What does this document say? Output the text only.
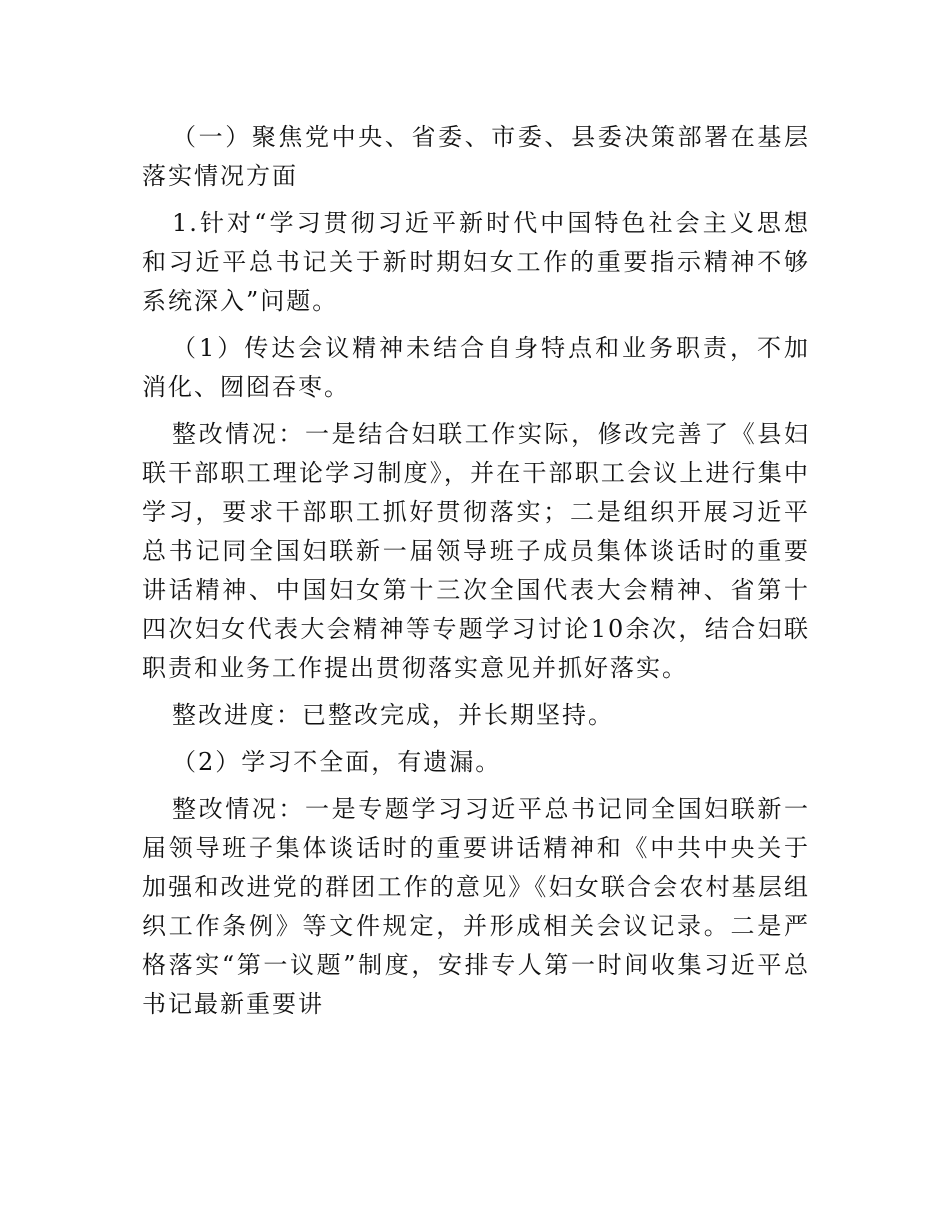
（一）聚焦党中央、省委、市委、县委决策部署在基层落实情况方面

1.针对“学习贯彻习近平新时代中国特色社会主义思想和习近平总书记关于新时期妇女工作的重要指示精神不够系统深入”问题。

（1）传达会议精神未结合自身特点和业务职责，不加消化、囫囵吞枣。

整改情况：一是结合妇联工作实际，修改完善了《县妇联干部职工理论学习制度》，并在干部职工会议上进行集中学习，要求干部职工抓好贯彻落实；二是组织开展习近平总书记同全国妇联新一届领导班子成员集体谈话时的重要讲话精神、中国妇女第十三次全国代表大会精神、省第十四次妇女代表大会精神等专题学习讨论10余次，结合妇联职责和业务工作提出贯彻落实意见并抓好落实。

整改进度：已整改完成，并长期坚持。

（2）学习不全面，有遗漏。

整改情况：一是专题学习习近平总书记同全国妇联新一届领导班子集体谈话时的重要讲话精神和《中共中央关于加强和改进党的群团工作的意见》《妇女联合会农村基层组织工作条例》等文件规定，并形成相关会议记录。二是严格落实“第一议题”制度，安排专人第一时间收集习近平总书记最新重要讲
